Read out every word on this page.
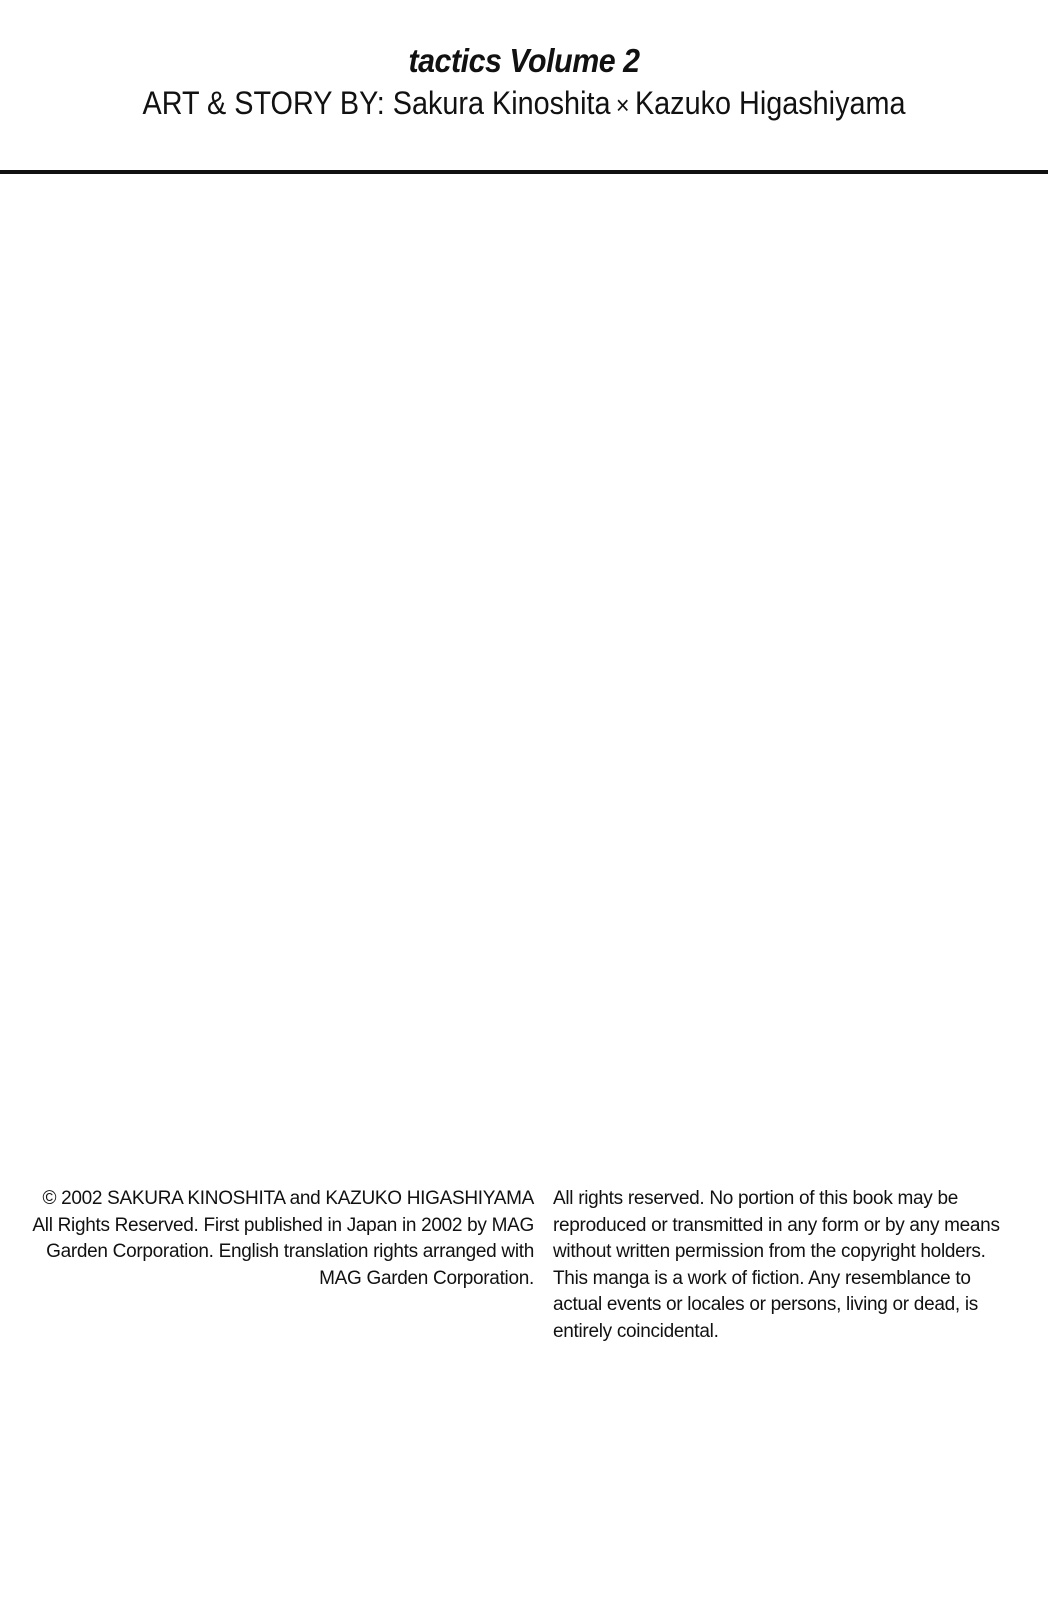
tactics Volume 2
ART & STORY BY: Sakura Kinoshita × Kazuko Higashiyama

© 2002 SAKURA KINOSHITA and KAZUKO HIGASHIYAMA All Rights Reserved. First published in Japan in 2002 by MAG Garden Corporation. English translation rights arranged with MAG Garden Corporation.

All rights reserved. No portion of this book may be reproduced or transmitted in any form or by any means without written permission from the copyright holders. This manga is a work of fiction. Any resemblance to actual events or locales or persons, living or dead, is entirely coincidental.
